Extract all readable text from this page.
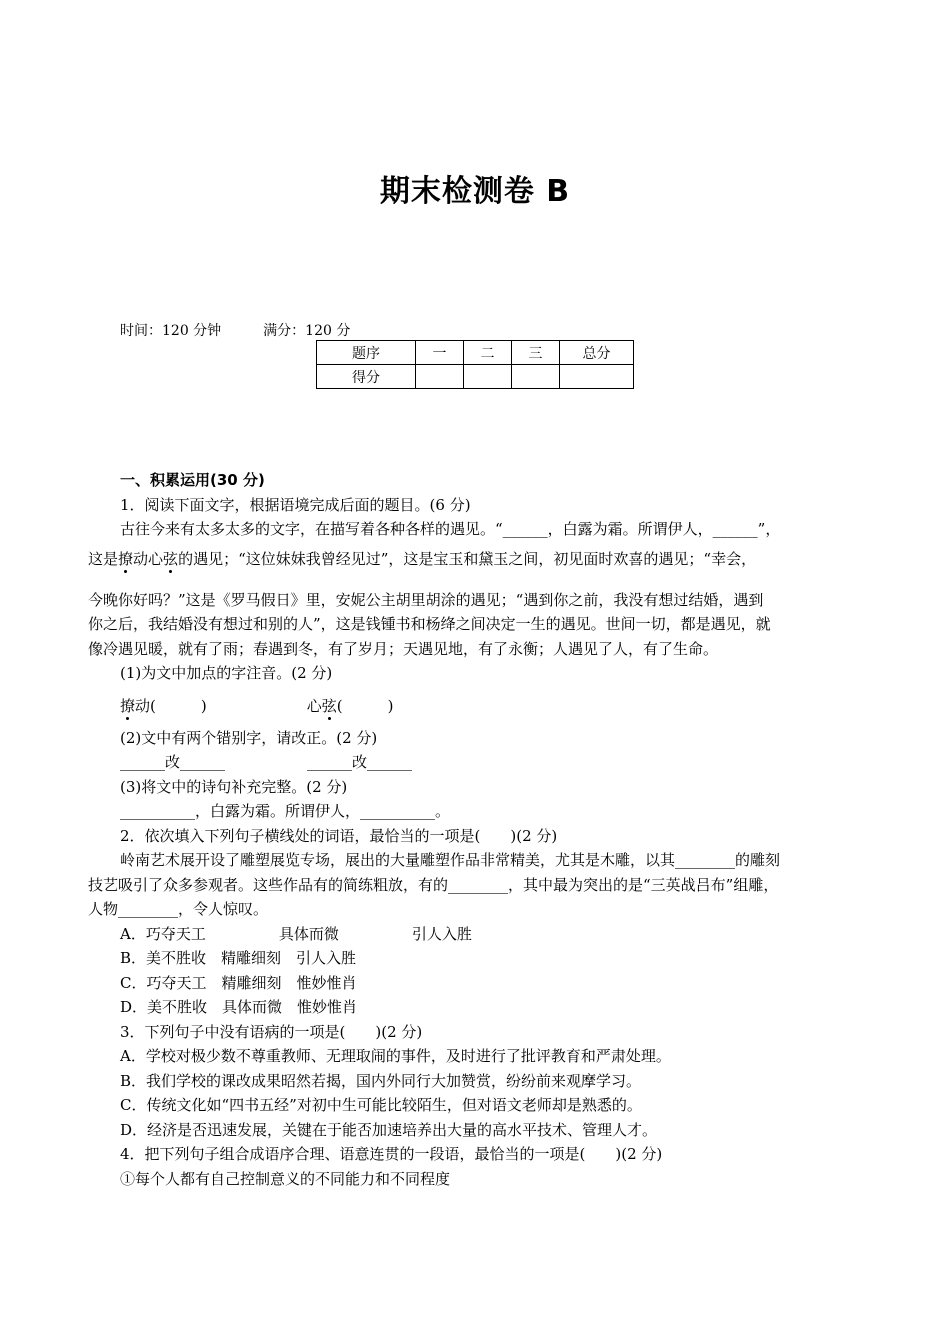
期末检测卷 B
时间：120 分钟	满分：120 分
题序	一	二	三	总分
得分				
一、积累运用(30 分)
1．阅读下面文字，根据语境完成后面的题目。(6 分)
古往今来有太多太多的文字，在描写着各种各样的遇见。“______，白露为霜。所谓伊人，______”，
这是撩动心弦的遇见；“这位妹妹我曾经见过”，这是宝玉和黛玉之间，初见面时欢喜的遇见；“幸会，
今晚你好吗？”这是《罗马假日》里，安妮公主胡里胡涂的遇见；“遇到你之前，我没有想过结婚，遇到
你之后，我结婚没有想过和别的人”，这是钱锺书和杨绛之间决定一生的遇见。世间一切，都是遇见，就
像冷遇见暖，就有了雨；春遇到冬，有了岁月；天遇见地，有了永衡；人遇见了人，有了生命。
(1)为文中加点的字注音。(2 分)
撩动(　　　)	心弦(　　　)
(2)文中有两个错别字，请改正。(2 分)
______改______	______改______
(3)将文中的诗句补充完整。(2 分)
__________，白露为霜。所谓伊人，__________。
2．依次填入下列句子横线处的词语，最恰当的一项是(　　)(2 分)
岭南艺术展开设了雕塑展览专场，展出的大量雕塑作品非常精美，尤其是木雕，以其________的雕刻
技艺吸引了众多参观者。这些作品有的简练粗放，有的________，其中最为突出的是“三英战吕布”组雕，
人物________，令人惊叹。
A．巧夺天工	具体而微	引人入胜
B．美不胜收　精雕细刻　引人入胜
C．巧夺天工　精雕细刻　惟妙惟肖
D．美不胜收　具体而微　惟妙惟肖
3．下列句子中没有语病的一项是(　　)(2 分)
A．学校对极少数不尊重教师、无理取闹的事件，及时进行了批评教育和严肃处理。
B．我们学校的课改成果昭然若揭，国内外同行大加赞赏，纷纷前来观摩学习。
C．传统文化如“四书五经”对初中生可能比较陌生，但对语文老师却是熟悉的。
D．经济是否迅速发展，关键在于能否加速培养出大量的高水平技术、管理人才。
4．把下列句子组合成语序合理、语意连贯的一段语，最恰当的一项是(　　)(2 分)
①每个人都有自己控制意义的不同能力和不同程度
